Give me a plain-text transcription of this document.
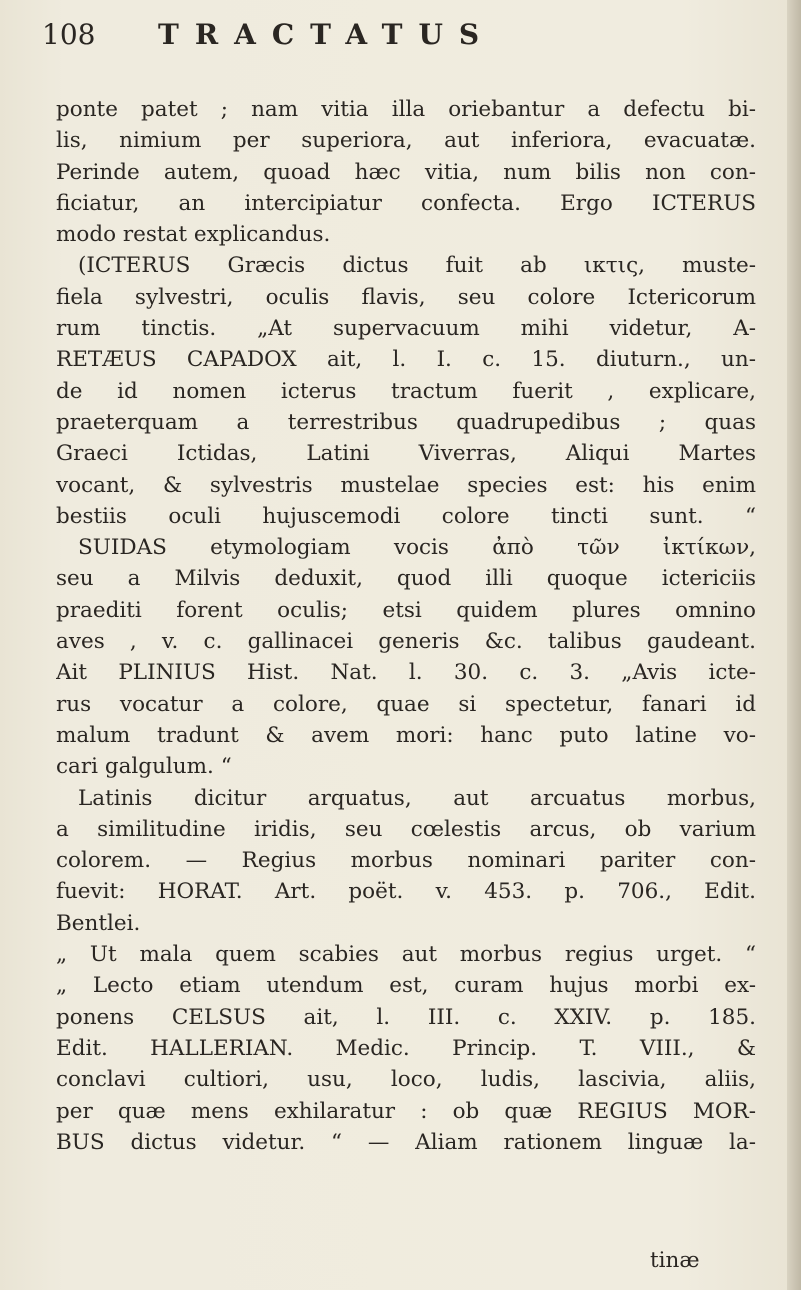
108 TRACTATUS
ponte patet ; nam vitia illa oriebantur a defectu bi-
lis, nimium per superiora, aut inferiora, evacuatæ.
Perinde autem, quoad hæc vitia, num bilis non con-
ficiatur, an intercipiatur confecta. Ergo ICTERUS
modo restat explicandus.
(ICTERUS Græcis dictus fuit ab ικτις, muste-
fiela sylvestri, oculis flavis, seu colore Ictericorum
rum tinctis. „At supervacuum mihi videtur, A-
RETÆUS CAPADOX ait, l. I. c. 15. diuturn., un-
de id nomen icterus tractum fuerit , explicare,
praeterquam a terrestribus quadrupedibus ; quas
Graeci Ictidas, Latini Viverras, Aliqui Martes
vocant, & sylvestris mustelae species est: his enim
bestiis oculi hujuscemodi colore tincti sunt. “
SUIDAS etymologiam vocis ἀπὸ τῶν ἰκτίκων,
seu a Milvis deduxit, quod illi quoque ictericiis
praediti forent oculis; etsi quidem plures omnino
aves , v. c. gallinacei generis &c. talibus gaudeant.
Ait PLINIUS Hist. Nat. l. 30. c. 3. „Avis icte-
rus vocatur a colore, quae si spectetur, fanari id
malum tradunt & avem mori: hanc puto latine vo-
cari galgulum. “
Latinis dicitur arquatus, aut arcuatus morbus,
a similitudine iridis, seu cœlestis arcus, ob varium
colorem. — Regius morbus nominari pariter con-
fuevit: HORAT. Art. poët. v. 453. p. 706., Edit.
Bentlei.
„ Ut mala quem scabies aut morbus regius urget. “
„ Lecto etiam utendum est, curam hujus morbi ex-
ponens CELSUS ait, l. III. c. XXIV. p. 185.
Edit. HALLERIAN. Medic. Princip. T. VIII., &
conclavi cultiori, usu, loco, ludis, lascivia, aliis,
per quæ mens exhilaratur : ob quæ REGIUS MOR-
BUS dictus videtur. “ — Aliam rationem linguæ la-
tinæ
